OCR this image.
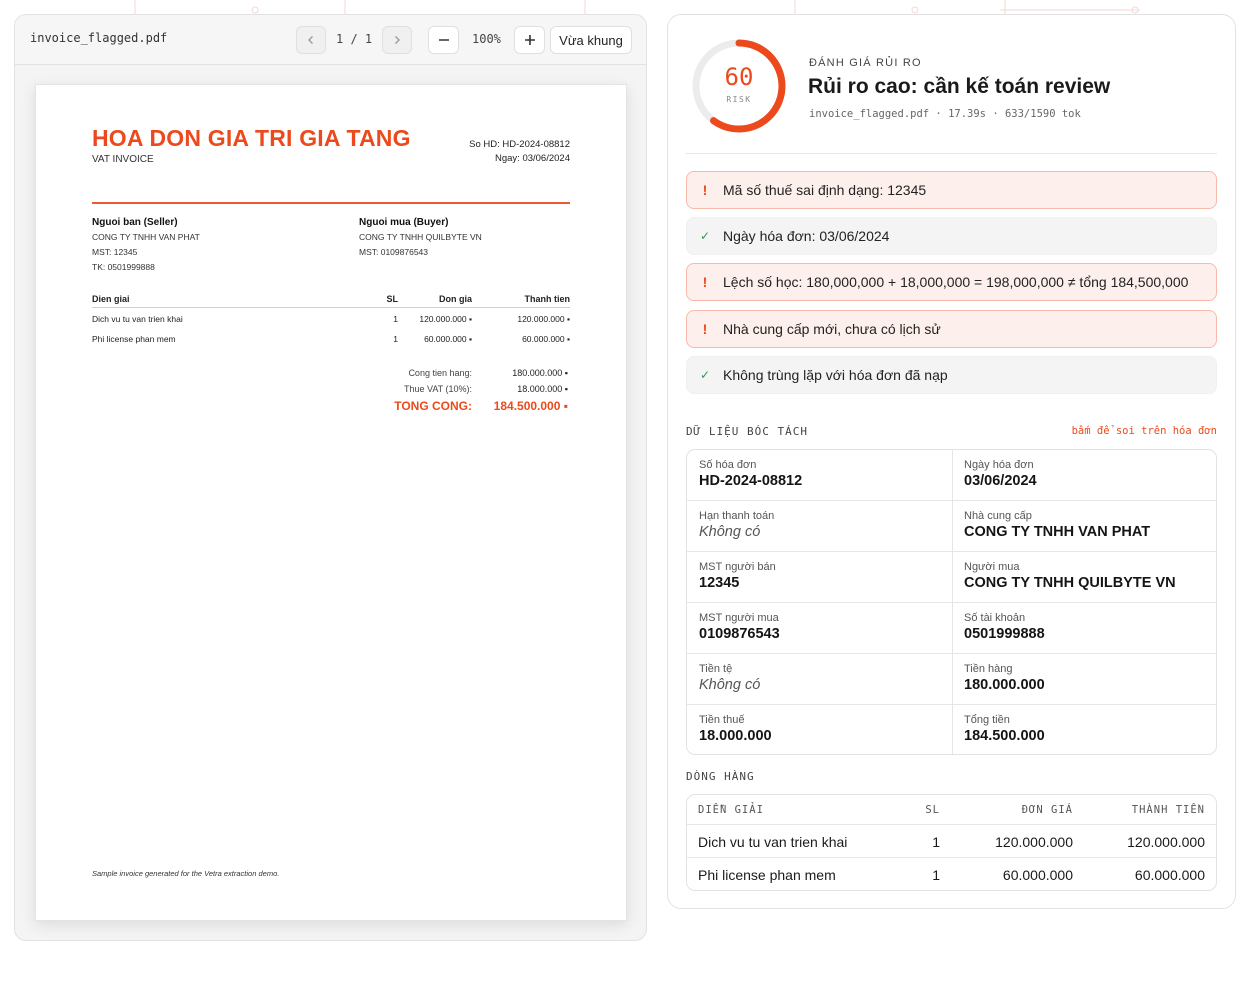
invoice_flagged.pdf	1 / 1	100%	Vừa khung
HOA DON GIA TRI GIA TANG
VAT INVOICE
So HD: HD-2024-08812
Ngay: 03/06/2024
Nguoi ban (Seller)
CONG TY TNHH VAN PHAT
MST: 12345
TK: 0501999888
Nguoi mua (Buyer)
CONG TY TNHH QUILBYTE VN
MST: 0109876543
Dien giai	SL	Don gia	Thanh tien
Dich vu tu van trien khai	1	120.000.000 ▪	120.000.000 ▪
Phi license phan mem	1	60.000.000 ▪	60.000.000 ▪
Cong tien hang:	180.000.000 ▪
Thue VAT (10%):	18.000.000 ▪
TONG CONG: 184.500.000 ▪
Sample invoice generated for the Vetra extraction demo.
60
RISK
ĐÁNH GIÁ RỦI RO
Rủi ro cao: cần kế toán review
invoice_flagged.pdf · 17.39s · 633/1590 tok
!	Mã số thuế sai định dạng: 12345
✓ Ngày hóa đơn: 03/06/2024
!	Lệch số học: 180,000,000 + 18,000,000 = 198,000,000 ≠ tổng 184,500,000
!	Nhà cung cấp mới, chưa có lịch sử
✓ Không trùng lặp với hóa đơn đã nạp
DỮ LIỆU BÓC TÁCH	bấm để soi trên hóa đơn
Số hóa đơn
HD-2024-08812
Ngày hóa đơn
03/06/2024
Hạn thanh toán
Không có
Nhà cung cấp
CONG TY TNHH VAN PHAT
MST người bán
12345
Người mua
CONG TY TNHH QUILBYTE VN
MST người mua
0109876543
Số tài khoản
0501999888
Tiền tệ
Không có
Tiền hàng
180.000.000
Tiền thuế
18.000.000
Tổng tiền
184.500.000
DÒNG HÀNG
DIỄN GIẢI	SL	ĐƠN GIÁ	THÀNH TIỀN
Dich vu tu van trien khai	1	120.000.000	120.000.000
Phi license phan mem	1	60.000.000	60.000.000
